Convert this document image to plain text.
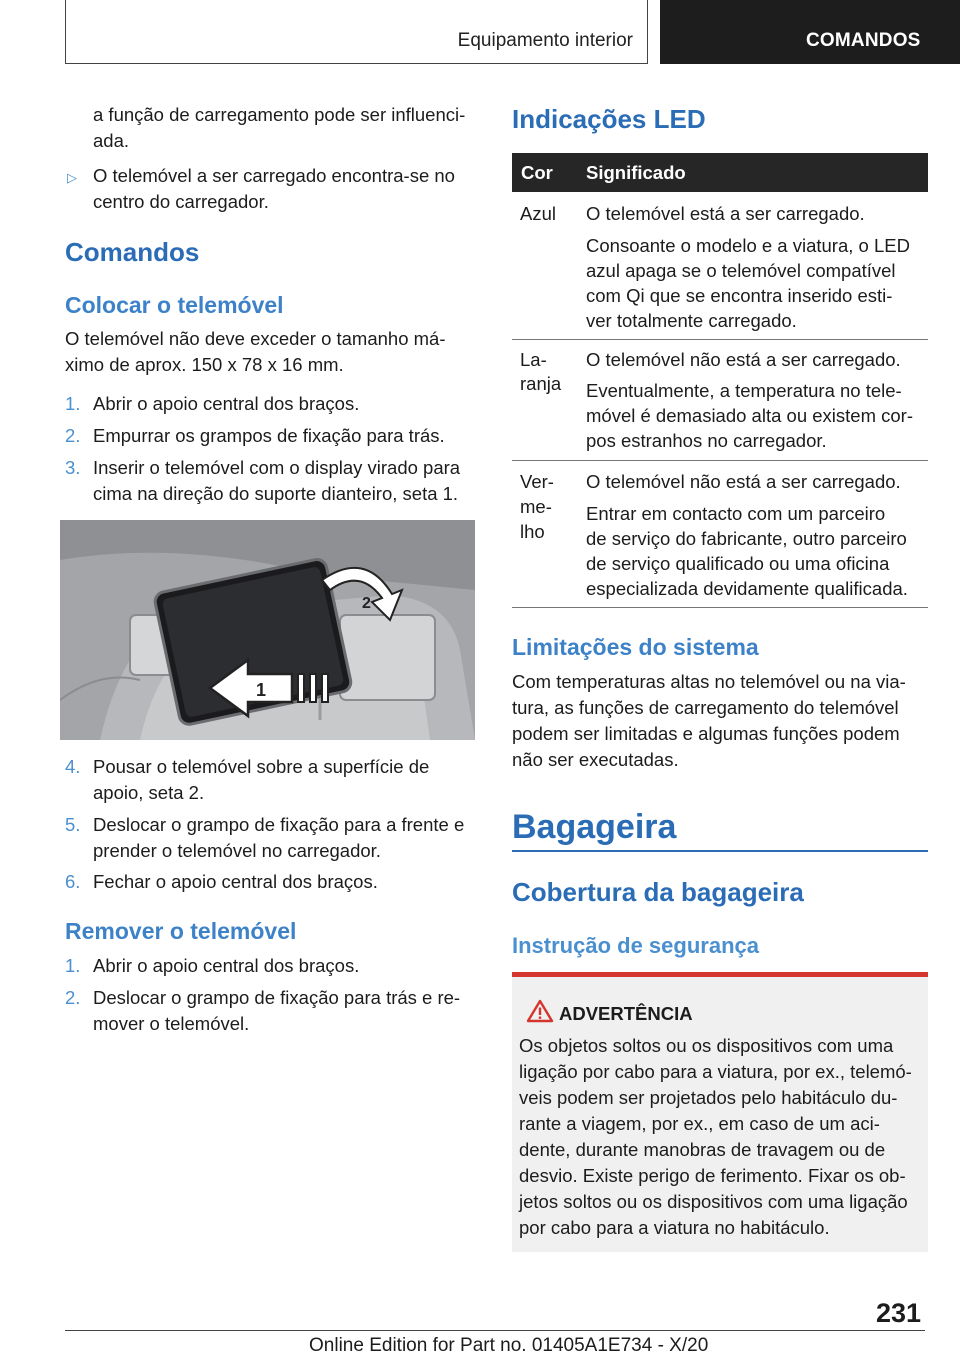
Equipamento interior	COMANDOS
a função de carregamento pode ser influenci-
ada.
▷ O telemóvel a ser carregado encontra-se no
centro do carregador.
Comandos
Colocar o telemóvel
O telemóvel não deve exceder o tamanho má-
ximo de aprox. 150 x 78 x 16 mm.
1. Abrir o apoio central dos braços.
2. Empurrar os grampos de fixação para trás.
3. Inserir o telemóvel com o display virado para
cima na direção do suporte dianteiro, seta 1.
2
1
4. Pousar o telemóvel sobre a superfície de
apoio, seta 2.
5. Deslocar o grampo de fixação para a frente e
prender o telemóvel no carregador.
6. Fechar o apoio central dos braços.
Remover o telemóvel
1. Abrir o apoio central dos braços.
2. Deslocar o grampo de fixação para trás e re-
mover o telemóvel.
Indicações LED
Cor Significado
Azul O telemóvel está a ser carregado.
Consoante o modelo e a viatura, o LED
azul apaga se o telemóvel compatível
com Qi que se encontra inserido esti-
ver totalmente carregado.
La-
ranja
O telemóvel não está a ser carregado.
Eventualmente, a temperatura no tele-
móvel é demasiado alta ou existem cor-
pos estranhos no carregador.
Ver-
me-
lho
O telemóvel não está a ser carregado.
Entrar em contacto com um parceiro
de serviço do fabricante, outro parceiro
de serviço qualificado ou uma oficina
especializada devidamente qualificada.
Limitações do sistema
Com temperaturas altas no telemóvel ou na via-
tura, as funções de carregamento do telemóvel
podem ser limitadas e algumas funções podem
não ser executadas.
Bagageira
Cobertura da bagageira
Instrução de segurança
ADVERTÊNCIA
Os objetos soltos ou os dispositivos com uma
ligação por cabo para a viatura, por ex., telemó-
veis podem ser projetados pelo habitáculo du-
rante a viagem, por ex., em caso de um aci-
dente, durante manobras de travagem ou de
desvio. Existe perigo de ferimento. Fixar os ob-
jetos soltos ou os dispositivos com uma ligação
por cabo para a viatura no habitáculo.
231
Online Edition for Part no. 01405A1E734 - X/20
